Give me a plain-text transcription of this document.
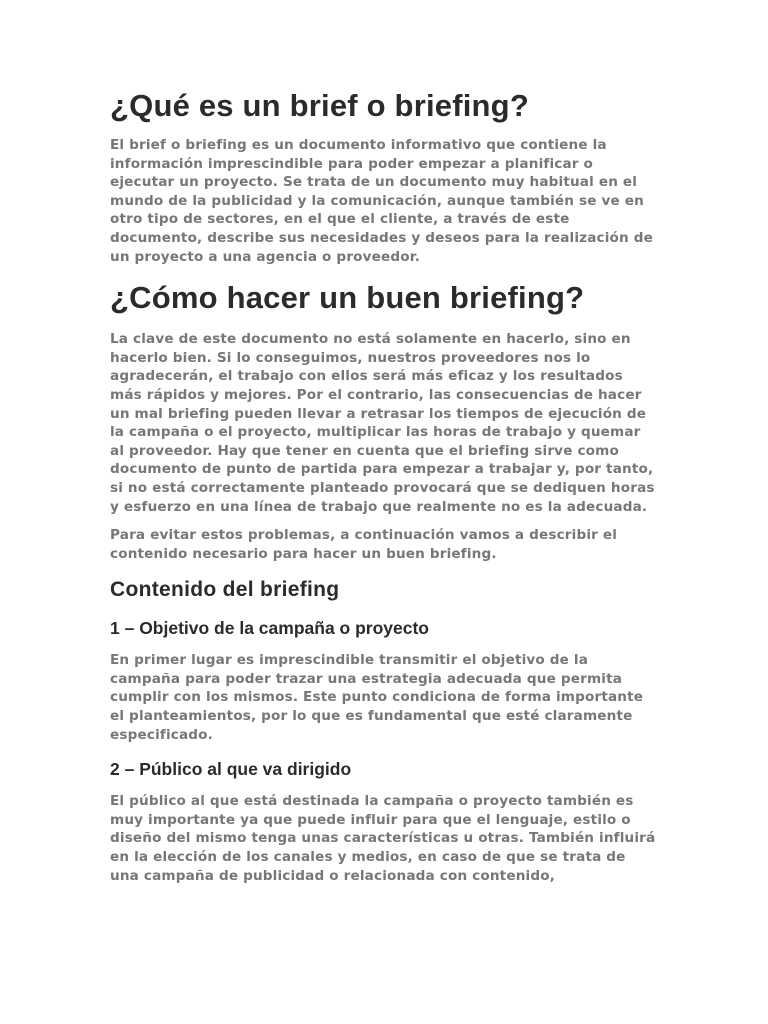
¿Qué es un brief o briefing?

El brief o briefing es un documento informativo que contiene la información imprescindible para poder empezar a planificar o ejecutar un proyecto. Se trata de un documento muy habitual en el mundo de la publicidad y la comunicación, aunque también se ve en otro tipo de sectores, en el que el cliente, a través de este documento, describe sus necesidades y deseos para la realización de un proyecto a una agencia o proveedor.

¿Cómo hacer un buen briefing?

La clave de este documento no está solamente en hacerlo, sino en hacerlo bien. Si lo conseguimos, nuestros proveedores nos lo agradecerán, el trabajo con ellos será más eficaz y los resultados más rápidos y mejores. Por el contrario, las consecuencias de hacer un mal briefing pueden llevar a retrasar los tiempos de ejecución de la campaña o el proyecto, multiplicar las horas de trabajo y quemar al proveedor. Hay que tener en cuenta que el briefing sirve como documento de punto de partida para empezar a trabajar y, por tanto, si no está correctamente planteado provocará que se dediquen horas y esfuerzo en una línea de trabajo que realmente no es la adecuada.

Para evitar estos problemas, a continuación vamos a describir el contenido necesario para hacer un buen briefing.

Contenido del briefing
1 – Objetivo de la campaña o proyecto

En primer lugar es imprescindible transmitir el objetivo de la campaña para poder trazar una estrategia adecuada que permita cumplir con los mismos. Este punto condiciona de forma importante el planteamientos, por lo que es fundamental que esté claramente especificado.

2 – Público al que va dirigido

El público al que está destinada la campaña o proyecto también es muy importante ya que puede influir para que el lenguaje, estilo o diseño del mismo tenga unas características u otras. También influirá en la elección de los canales y medios, en caso de que se trata de una campaña de publicidad o relacionada con contenido,
